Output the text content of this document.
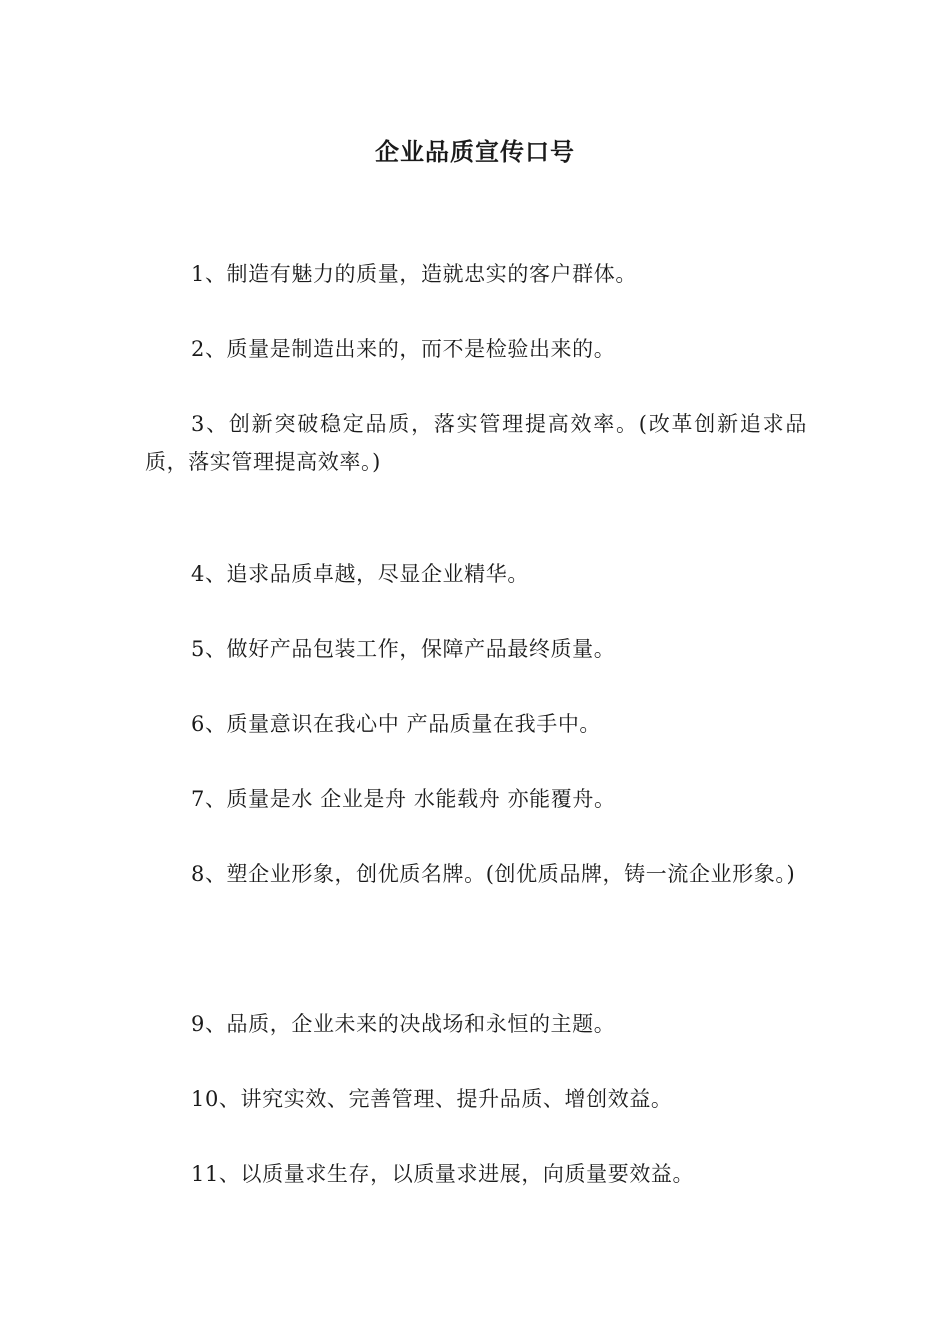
企业品质宣传口号

1、制造有魅力的质量，造就忠实的客户群体。

2、质量是制造出来的，而不是检验出来的。

3、创新突破稳定品质，落实管理提高效率。(改革创新追求品质，落实管理提高效率。)

4、追求品质卓越，尽显企业精华。

5、做好产品包装工作，保障产品最终质量。

6、质量意识在我心中 产品质量在我手中。

7、质量是水 企业是舟 水能载舟 亦能覆舟。

8、塑企业形象，创优质名牌。(创优质品牌，铸一流企业形象。)

9、品质，企业未来的决战场和永恒的主题。

10、讲究实效、完善管理、提升品质、增创效益。

11、以质量求生存，以质量求进展，向质量要效益。
